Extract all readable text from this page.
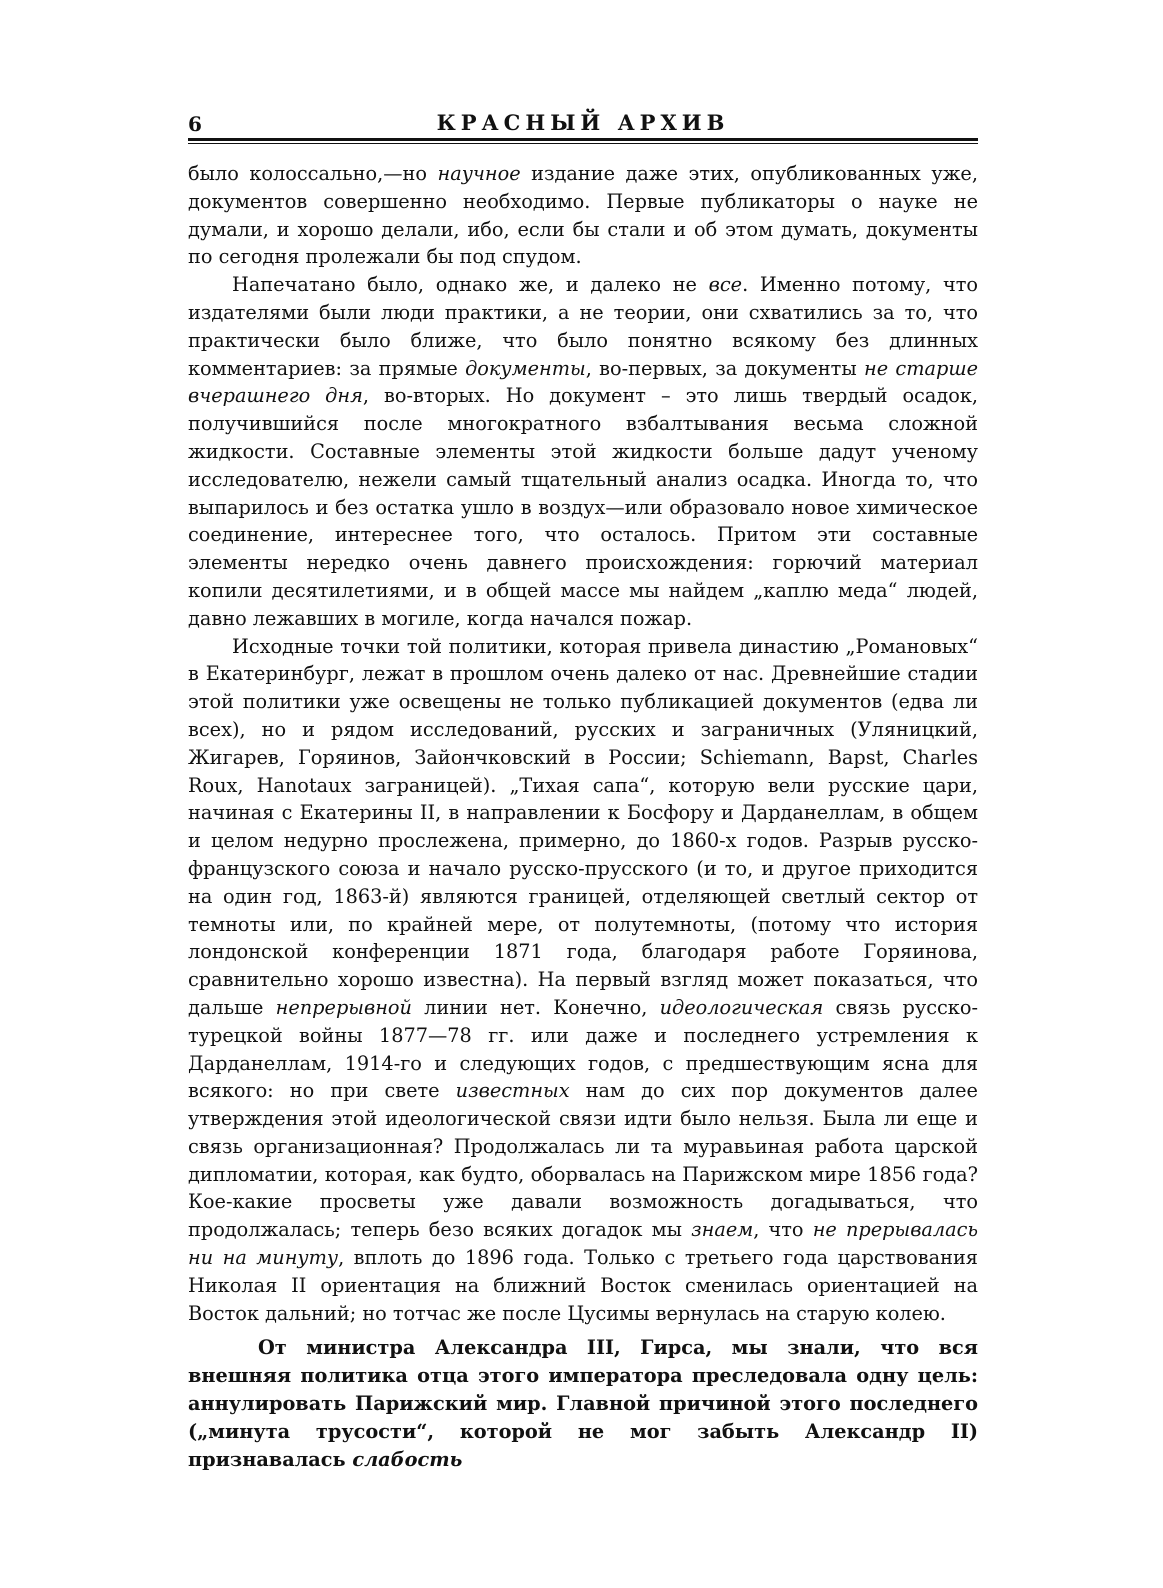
6	КРАСНЫЙ АРХИВ

было колоссально,—но научное издание даже этих, опубликованных уже, документов совершенно необходимо. Первые публикаторы о науке не думали, и хорошо делали, ибо, если бы стали и об этом думать, документы по сегодня пролежали бы под спудом.

Напечатано было, однако же, и далеко не все. Именно потому, что издателями были люди практики, а не теории, они схватились за то, что практически было ближе, что было понятно всякому без длинных комментариев: за прямые документы, во-первых, за документы не старше вчерашнего дня, во-вторых. Но документ – это лишь твердый осадок, получившийся после многократного взбалтывания весьма сложной жидкости. Составные элементы этой жидкости больше дадут ученому исследователю, нежели самый тщательный анализ осадка. Иногда то, что выпарилось и без остатка ушло в воздух—или образовало новое химическое соединение, интереснее того, что осталось. Притом эти составные элементы нередко очень давнего происхождения: горючий материал копили десятилетиями, и в общей массе мы найдем „каплю меда“ людей, давно лежавших в могиле, когда начался пожар.

Исходные точки той политики, которая привела династию „Романовых“ в Екатеринбург, лежат в прошлом очень далеко от нас. Древнейшие стадии этой политики уже освещены не только публикацией документов (едва ли всех), но и рядом исследований, русских и заграничных (Уляницкий, Жигарев, Горяинов, Зайончковский в России; Schiemann, Bapst, Charles Roux, Hanotaux заграницей). „Тихая сапа“, которую вели русские цари, начиная с Екатерины II, в направлении к Босфору и Дарданеллам, в общем и целом недурно прослежена, примерно, до 1860-х годов. Разрыв русско-французского союза и начало русско-прусского (и то, и другое приходится на один год, 1863-й) являются границей, отделяющей светлый сектор от темноты или, по крайней мере, от полутемноты, (потому что история лондонской конференции 1871 года, благодаря работе Горяинова, сравнительно хорошо известна). На первый взгляд может показаться, что дальше непрерывной линии нет. Конечно, идеологическая связь русско-турецкой войны 1877—78 гг. или даже и последнего устремления к Дарданеллам, 1914-го и следующих годов, с предшествующим ясна для всякого: но при свете известных нам до сих пор документов далее утверждения этой идеологической связи идти было нельзя. Была ли еще и связь организационная? Продолжалась ли та муравьиная работа царской дипломатии, которая, как будто, оборвалась на Парижском мире 1856 года? Кое-какие просветы уже давали возможность догадываться, что продолжалась; теперь безо всяких догадок мы знаем, что не прерывалась ни на минуту, вплоть до 1896 года. Только с третьего года царствования Николая II ориентация на ближний Восток сменилась ориентацией на Восток дальний; но тотчас же после Цусимы вернулась на старую колею.

От министра Александра III, Гирса, мы знали, что вся внешняя политика отца этого императора преследовала одну цель: аннулировать Парижский мир. Главной причиной этого последнего („минута трусости“, которой не мог забыть Александр II) признавалась слабость
